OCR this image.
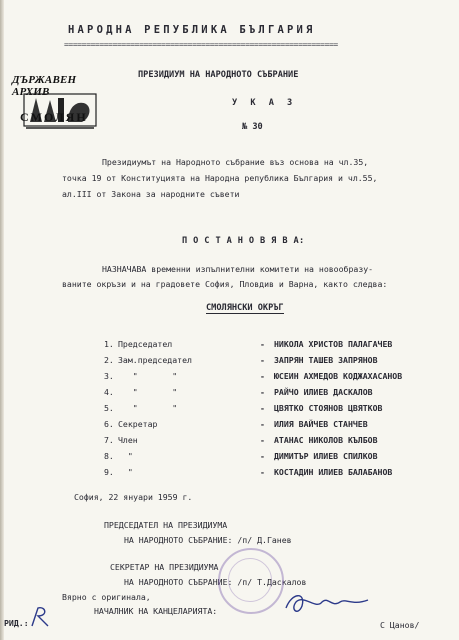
НАРОДНА РЕПУБЛИКА БЪЛГАРИЯ
==============================================================
ДЪРЖАВЕН АРХИВ
СМОЛЯН
ПРЕЗИДИУМ НА НАРОДНОТО СЪБРАНИЕ
У К А З
№ 30
Президиумът на Народното събрание въз основа на чл.35,
точка 19 от Конституцията на Народна република България и чл.55,
ал.III от Закона за народните съвети
П О С Т А Н О В Я В А:
НАЗНАЧАВА временни изпълнителни комитети на новообразу-
ваните окръзи и на градовете София, Пловдив и Варна, както следва:
СМОЛЯНСКИ ОКРЪГ
1. Председател	- НИКОЛА ХРИСТОВ ПАЛАГАЧЕВ
2. Зам.председател	- ЗАПРЯН ТАШЕВ ЗАПРЯНОВ
3. "       "	- ЮСЕИН АХМЕДОВ КОДЖАХАСАНОВ
4. "       "	- РАЙЧО ИЛИЕВ ДАСКАЛОВ
5. "       "	- ЦВЯТКО СТОЯНОВ ЦВЯТКОВ
6. Секретар	- ИЛИЯ ВАЙЧЕВ СТАНЧЕВ
7. Член	- АТАНАС НИКОЛОВ КЪЛБОВ
8. "	- ДИМИТЪР ИЛИЕВ СПИЛКОВ
9. "	- КОСТАДИН ИЛИЕВ БАЛАБАНОВ
София, 22 януари 1959 г.
ПРЕДСЕДАТЕЛ НА ПРЕЗИДИУМА
НА НАРОДНОТО СЪБРАНИЕ: /п/ Д.Ганев
СЕКРЕТАР НА ПРЕЗИДИУМА
НА НАРОДНОТО СЪБРАНИЕ: /п/ Т.Даскалов
Вярно с оригинала,
НАЧАЛНИК НА КАНЦЕЛАРИЯТА:
С Цанов/
РИД.:
